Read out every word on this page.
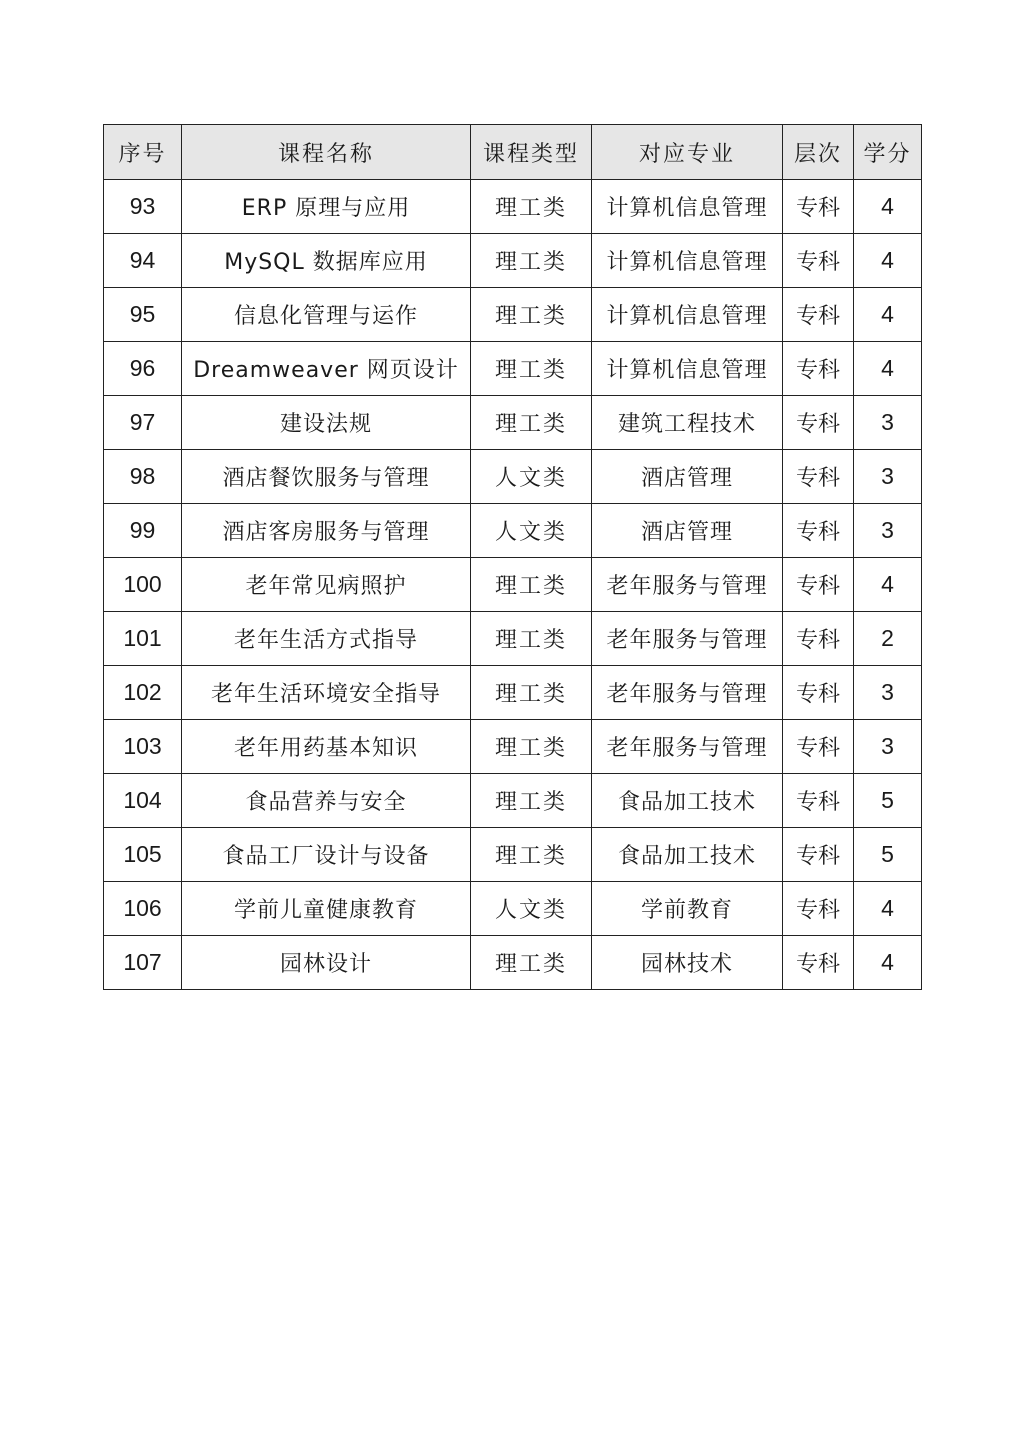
序号	课程名称	课程类型	对应专业	层次	学分
93	ERP 原理与应用	理工类	计算机信息管理	专科	4
94	MySQL 数据库应用	理工类	计算机信息管理	专科	4
95	信息化管理与运作	理工类	计算机信息管理	专科	4
96	Dreamweaver 网页设计	理工类	计算机信息管理	专科	4
97	建设法规	理工类	建筑工程技术	专科	3
98	酒店餐饮服务与管理	人文类	酒店管理	专科	3
99	酒店客房服务与管理	人文类	酒店管理	专科	3
100	老年常见病照护	理工类	老年服务与管理	专科	4
101	老年生活方式指导	理工类	老年服务与管理	专科	2
102	老年生活环境安全指导	理工类	老年服务与管理	专科	3
103	老年用药基本知识	理工类	老年服务与管理	专科	3
104	食品营养与安全	理工类	食品加工技术	专科	5
105	食品工厂设计与设备	理工类	食品加工技术	专科	5
106	学前儿童健康教育	人文类	学前教育	专科	4
107	园林设计	理工类	园林技术	专科	4
